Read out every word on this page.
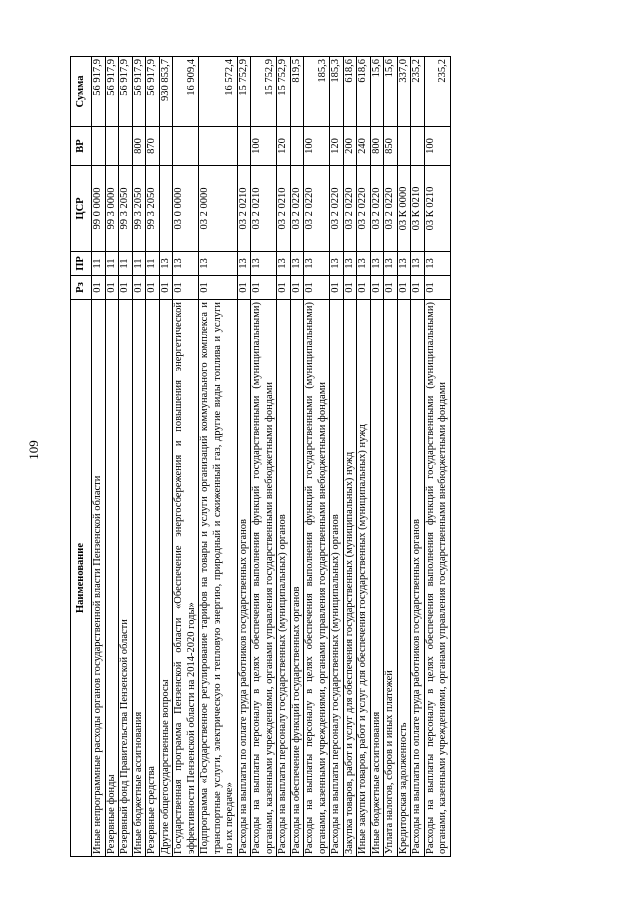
109
Наименование	Рз	ПР	ЦСР	ВР	Сумма
Иные непрограммные расходы органов государственной власти Пензенской области	01	11	99 0 0000		56 917,9
Резервные фонды	01	11	99 3 0000		56 917,9
Резервный фонд Правительства Пензенской области	01	11	99 3 2050		56 917,9
Иные бюджетные ассигнования	01	11	99 3 2050	800	56 917,9
Резервные средства	01	11	99 3 2050	870	56 917,9
Другие общегосударственные вопросы	01	13			930 853,7
Государственная программа Пензенской области «Обеспечение энергосбережения и повышения энергетической эффективности Пензенской области на 2014-2020 годы»	01	13	03 0 0000		16 909,4
Подпрограмма «Государственное регулирование тарифов на товары и услуги организаций коммунального комплекса и транспортные услуги, электрическую и тепловую энергию, природный и сжиженный газ, другие виды топлива и услуги по их передаче»	01	13	03 2 0000		16 572,4
Расходы на выплаты по оплате труда работников государственных органов	01	13	03 2 0210		15 752,9
Расходы на выплаты персоналу в целях обеспечения выполнения функций государственными (муниципальными) органами, казенными учреждениями, органами управления государственными внебюджетными фондами	01	13	03 2 0210	100	15 752,9
Расходы на выплаты персоналу государственных (муниципальных) органов	01	13	03 2 0210	120	15 752,9
Расходы на обеспечение функций государственных органов	01	13	03 2 0220		819,5
Расходы на выплаты персоналу в целях обеспечения выполнения функций государственными (муниципальными) органами, казенными учреждениями, органами управления государственными внебюджетными фондами	01	13	03 2 0220	100	185,3
Расходы на выплаты персоналу государственных (муниципальных) органов	01	13	03 2 0220	120	185,3
Закупка товаров, работ и услуг для обеспечения государственных (муниципальных) нужд	01	13	03 2 0220	200	618,6
Иные закупки товаров, работ и услуг для обеспечения государственных (муниципальных) нужд	01	13	03 2 0220	240	618,6
Иные бюджетные ассигнования	01	13	03 2 0220	800	15,6
Уплата налогов, сборов и иных платежей	01	13	03 2 0220	850	15,6
Кредиторская задолженность	01	13	03 К 0000		337,0
Расходы на выплаты по оплате труда работников государственных органов	01	13	03 К 0210		235,2
Расходы на выплаты персоналу в целях обеспечения выполнения функций государственными (муниципальными) органами, казенными учреждениями, органами управления государственными внебюджетными фондами	01	13	03 К 0210	100	235,2
